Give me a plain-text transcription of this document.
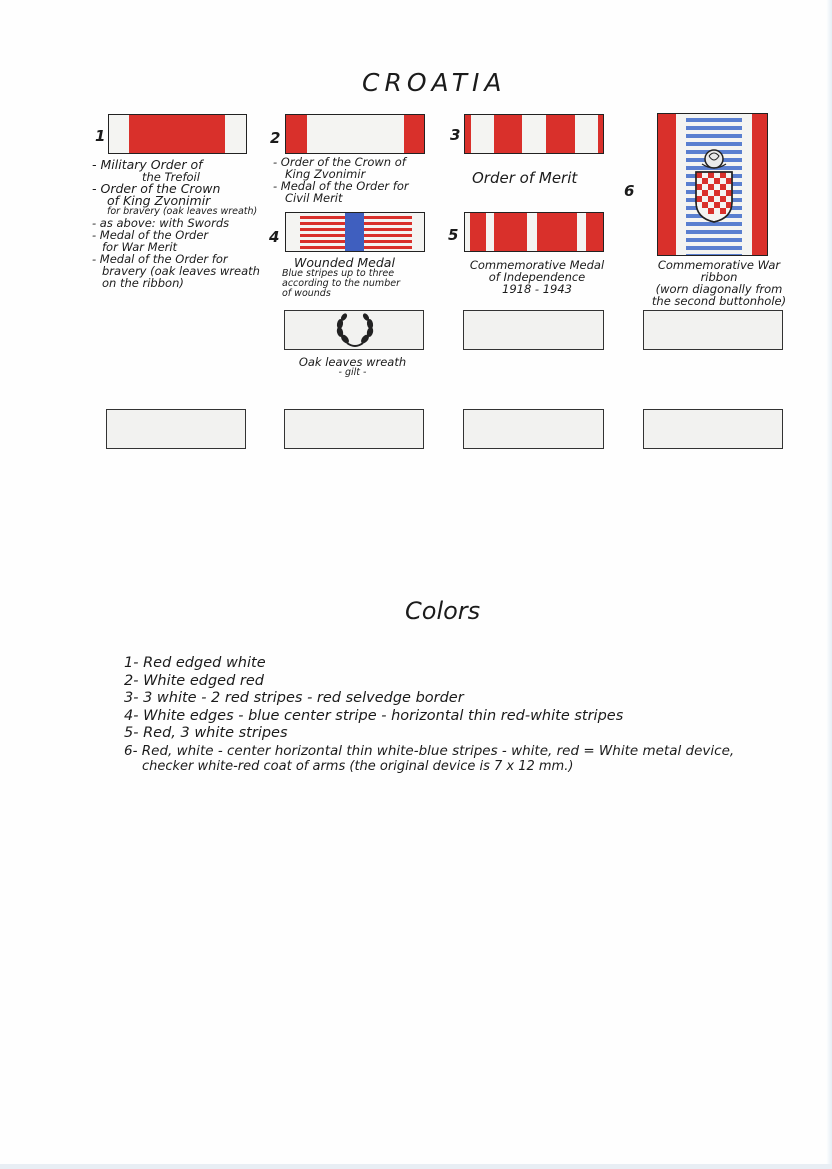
CROATIA
1	2	3
4	5
6
- Military Order of
the Trefoil
- Order of the Crown
of King Zvonimir
for bravery (oak leaves wreath)
- as above: with Swords
- Medal of the Order
for War Merit
- Medal of the Order for
bravery (oak leaves wreath
on the ribbon)
- Order of the Crown of
King Zvonimir
- Medal of the Order for
Civil Merit
Order of Merit
Wounded Medal
Blue stripes up to three
according to the number
of wounds
Commemorative Medal
of Independence
1918 - 1943
Commemorative War
ribbon
(worn diagonally from
the second buttonhole)
Oak leaves wreath
- gilt -
Colors
1- Red edged white
2- White edged red
3- 3 white - 2 red stripes - red selvedge border
4- White edges - blue center stripe - horizontal thin red-white stripes
5- Red, 3 white stripes
6- Red, white - center horizontal thin white-blue stripes - white, red = White metal device,
checker white-red coat of arms (the original device is 7 x 12 mm.)
